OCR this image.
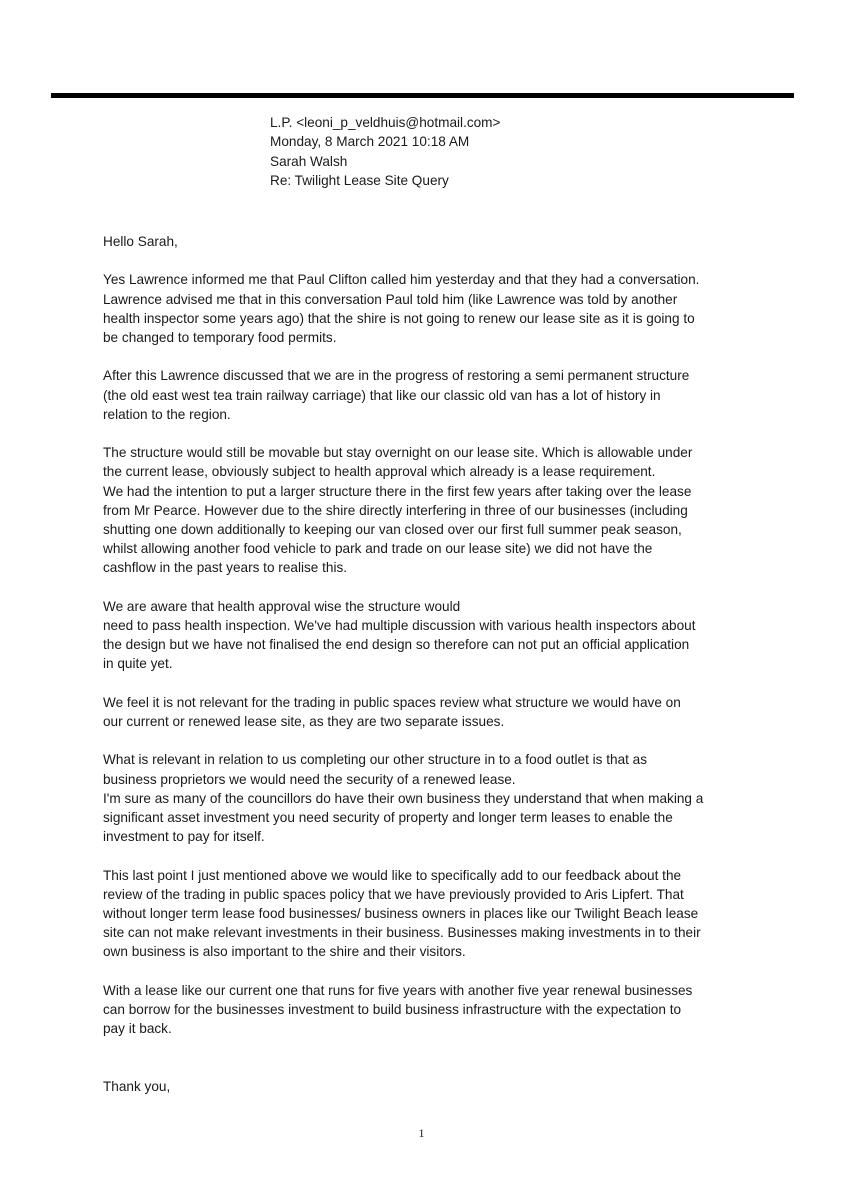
L.P. <leoni_p_veldhuis@hotmail.com>
Monday, 8 March 2021 10:18 AM
Sarah Walsh
Re: Twilight Lease Site Query

Hello Sarah,

Yes Lawrence informed me that Paul Clifton called him yesterday and that they had a conversation.
Lawrence advised me that in this conversation Paul told him (like Lawrence was told by another
health inspector some years ago) that the shire is not going to renew our lease site as it is going to
be changed to temporary food permits.

After this Lawrence discussed that we are in the progress of restoring a semi permanent structure
(the old east west tea train railway carriage) that like our classic old van has a lot of history in
relation to the region.

The structure would still be movable but stay overnight on our lease site. Which is allowable under
the current lease, obviously subject to health approval which already is a lease requirement.
We had the intention to put a larger structure there in the first few years after taking over the lease
from Mr Pearce. However due to the shire directly interfering in three of our businesses (including
shutting one down additionally to keeping our van closed over our first full summer peak season,
whilst allowing another food vehicle to park and trade on our lease site) we did not have the
cashflow in the past years to realise this.

We are aware that health approval wise the structure would
need to pass health inspection. We've had multiple discussion with various health inspectors about
the design but we have not finalised the end design so therefore can not put an official application
in quite yet.

We feel it is not relevant for the trading in public spaces review what structure we would have on
our current or renewed lease site, as they are two separate issues.

What is relevant in relation to us completing our other structure in to a food outlet is that as
business proprietors we would need the security of a renewed lease.
I'm sure as many of the councillors do have their own business they understand that when making a
significant asset investment you need security of property and longer term leases to enable the
investment to pay for itself.

This last point I just mentioned above we would like to specifically add to our feedback about the
review of the trading in public spaces policy that we have previously provided to Aris Lipfert. That
without longer term lease food businesses/ business owners in places like our Twilight Beach lease
site can not make relevant investments in their business. Businesses making investments in to their
own business is also important to the shire and their visitors.

With a lease like our current one that runs for five years with another five year renewal businesses
can borrow for the businesses investment to build business infrastructure with the expectation to
pay it back.

Thank you,
1
